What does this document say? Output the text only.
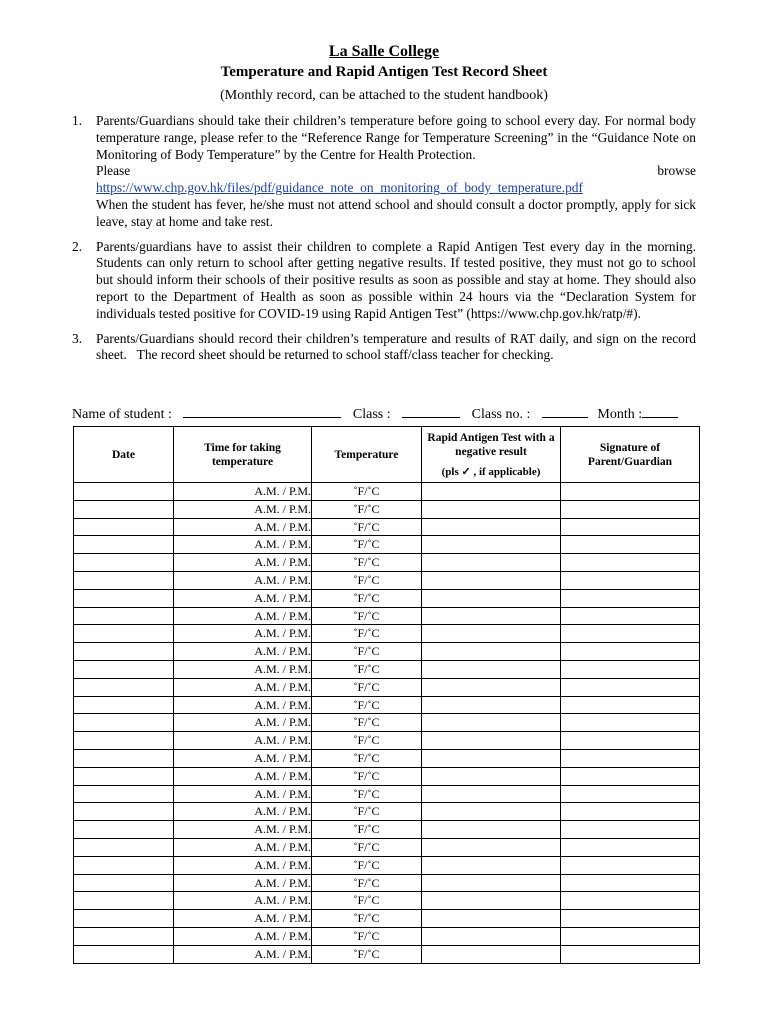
La Salle College
Temperature and Rapid Antigen Test Record Sheet
(Monthly record, can be attached to the student handbook)
1. Parents/Guardians should take their children’s temperature before going to school every day. For normal body temperature range, please refer to the “Reference Range for Temperature Screening” in the “Guidance Note on Monitoring of Body Temperature” by the Centre for Health Protection.
Please	browse
https://www.chp.gov.hk/files/pdf/guidance_note_on_monitoring_of_body_temperature.pdf
When the student has fever, he/she must not attend school and should consult a doctor promptly, apply for sick leave, stay at home and take rest.
2. Parents/guardians have to assist their children to complete a Rapid Antigen Test every day in the morning.    Students can only return to school after getting negative results. If tested positive, they must not go to school but should inform their schools of their positive results as soon as possible and stay at home. They should also report to the Department of Health as soon as possible within 24 hours via the “Declaration System for individuals tested positive for COVID-19 using Rapid Antigen Test” (https://www.chp.gov.hk/ratp/#).
3. Parents/Guardians should record their children’s temperature and results of RAT daily, and sign on the record sheet.   The record sheet should be returned to school staff/class teacher for checking.
Name of student :	Class :	Class no. :	Month :
Date	Time for taking temperature	Temperature	Rapid Antigen Test with a negative result
(pls ✓ , if applicable)	Signature of Parent/Guardian
	A.M. / P.M.	˚F/˚C		
	A.M. / P.M.	˚F/˚C		
	A.M. / P.M.	˚F/˚C		
	A.M. / P.M.	˚F/˚C		
	A.M. / P.M.	˚F/˚C		
	A.M. / P.M.	˚F/˚C		
	A.M. / P.M.	˚F/˚C		
	A.M. / P.M.	˚F/˚C		
	A.M. / P.M.	˚F/˚C		
	A.M. / P.M.	˚F/˚C		
	A.M. / P.M.	˚F/˚C		
	A.M. / P.M.	˚F/˚C		
	A.M. / P.M.	˚F/˚C		
	A.M. / P.M.	˚F/˚C		
	A.M. / P.M.	˚F/˚C		
	A.M. / P.M.	˚F/˚C		
	A.M. / P.M.	˚F/˚C		
	A.M. / P.M.	˚F/˚C		
	A.M. / P.M.	˚F/˚C		
	A.M. / P.M.	˚F/˚C		
	A.M. / P.M.	˚F/˚C		
	A.M. / P.M.	˚F/˚C		
	A.M. / P.M.	˚F/˚C		
	A.M. / P.M.	˚F/˚C		
	A.M. / P.M.	˚F/˚C		
	A.M. / P.M.	˚F/˚C		
	A.M. / P.M.	˚F/˚C		
